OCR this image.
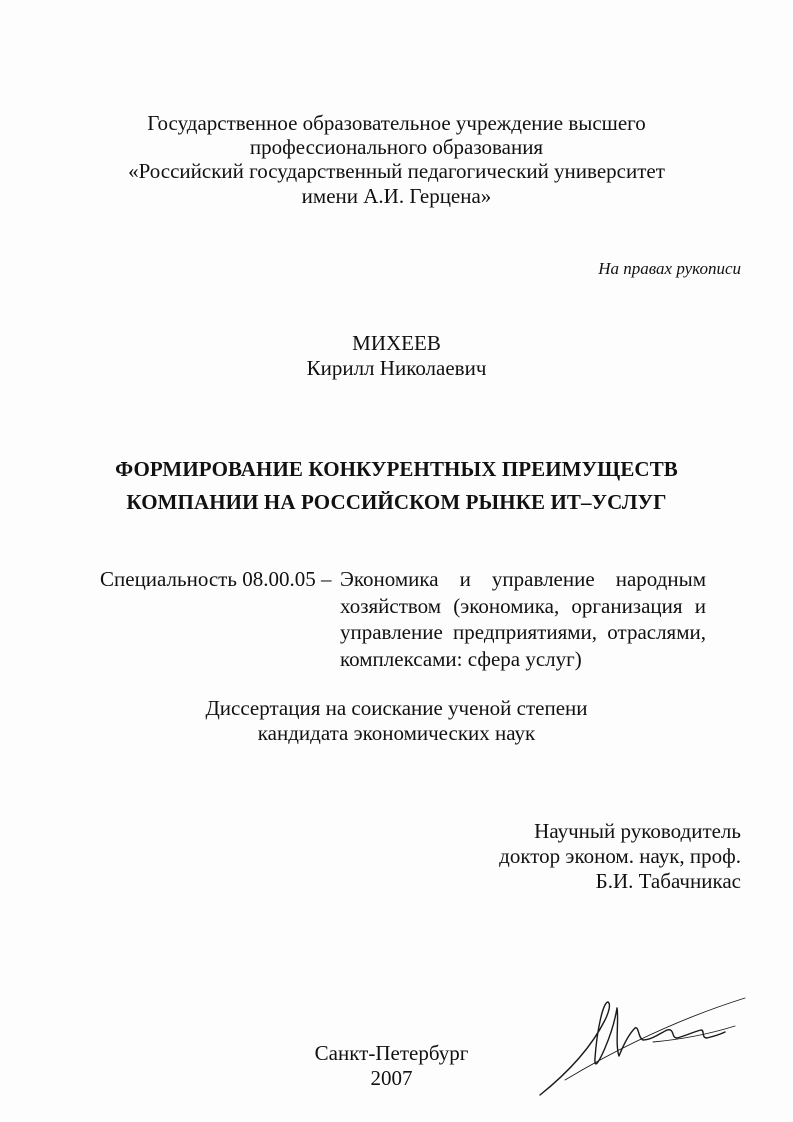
Государственное образовательное учреждение высшего
профессионального образования
«Российский государственный педагогический университет
имени А.И. Герцена»
На правах рукописи
МИХЕЕВ
Кирилл Николаевич
ФОРМИРОВАНИЕ КОНКУРЕНТНЫХ ПРЕИМУЩЕСТВ
КОМПАНИИ НА РОССИЙСКОМ РЫНКЕ ИТ–УСЛУГ
Специальность 08.00.05 – Экономика и управление народным
хозяйством (экономика, организация и
управление предприятиями, отраслями,
комплексами: сфера услуг)
Диссертация на соискание ученой степени
кандидата экономических наук
Научный руководитель
доктор эконом. наук, проф.
Б.И. Табачникас
Санкт-Петербург
2007
